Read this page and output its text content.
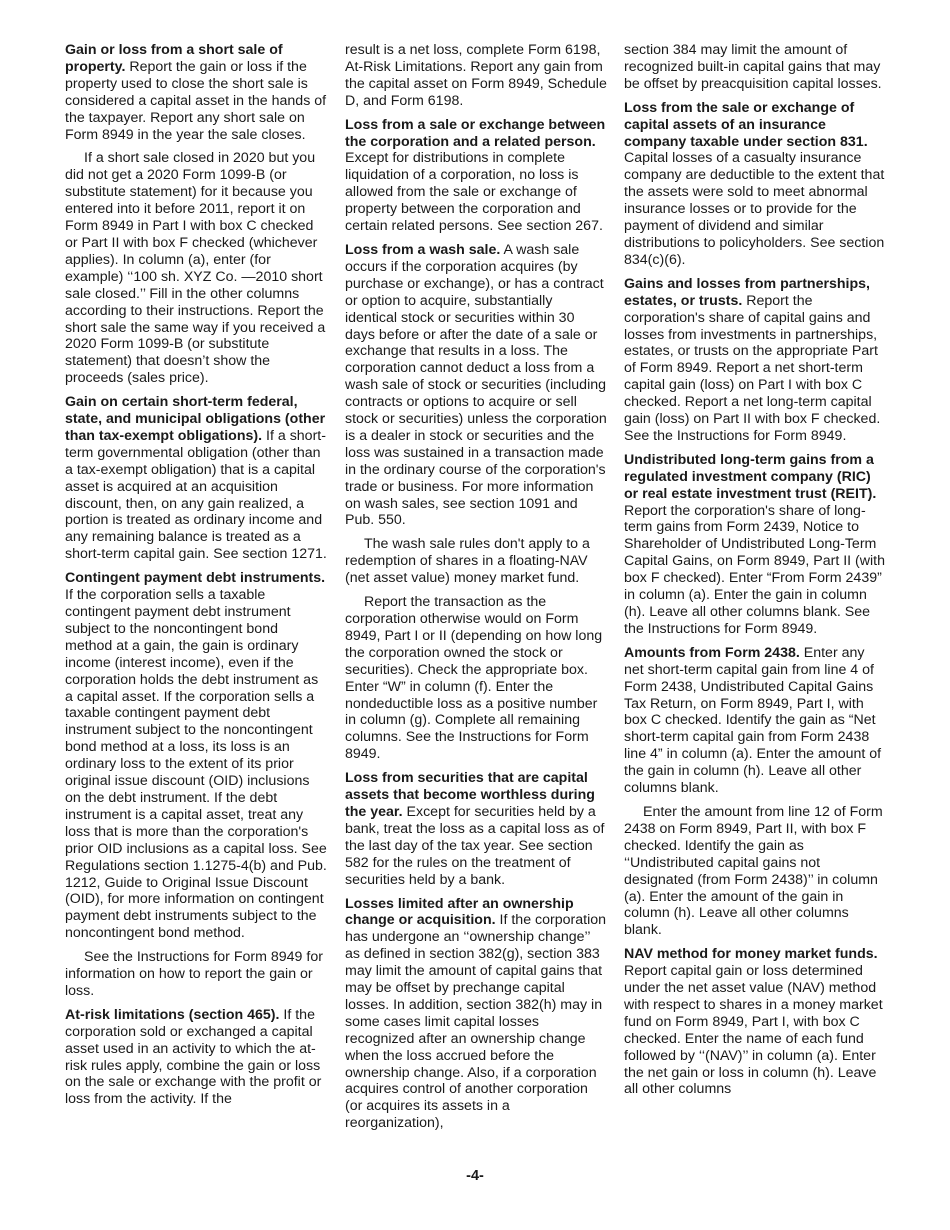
Gain or loss from a short sale of property. Report the gain or loss if the property used to close the short sale is considered a capital asset in the hands of the taxpayer. Report any short sale on Form 8949 in the year the sale closes.

If a short sale closed in 2020 but you did not get a 2020 Form 1099-B (or substitute statement) for it because you entered into it before 2011, report it on Form 8949 in Part I with box C checked or Part II with box F checked (whichever applies). In column (a), enter (for example) ‘‘100 sh. XYZ Co. —2010 short sale closed.’’ Fill in the other columns according to their instructions. Report the short sale the same way if you received a 2020 Form 1099-B (or substitute statement) that doesn’t show the proceeds (sales price).

Gain on certain short-term federal, state, and municipal obligations (other than tax-exempt obligations). If a short-term governmental obligation (other than a tax-exempt obligation) that is a capital asset is acquired at an acquisition discount, then, on any gain realized, a portion is treated as ordinary income and any remaining balance is treated as a short-term capital gain. See section 1271.

Contingent payment debt instruments. If the corporation sells a taxable contingent payment debt instrument subject to the noncontingent bond method at a gain, the gain is ordinary income (interest income), even if the corporation holds the debt instrument as a capital asset. If the corporation sells a taxable contingent payment debt instrument subject to the noncontingent bond method at a loss, its loss is an ordinary loss to the extent of its prior original issue discount (OID) inclusions on the debt instrument. If the debt instrument is a capital asset, treat any loss that is more than the corporation's prior OID inclusions as a capital loss. See Regulations section 1.1275-4(b) and Pub. 1212, Guide to Original Issue Discount (OID), for more information on contingent payment debt instruments subject to the noncontingent bond method.

See the Instructions for Form 8949 for information on how to report the gain or loss.

At-risk limitations (section 465). If the corporation sold or exchanged a capital asset used in an activity to which the at-risk rules apply, combine the gain or loss on the sale or exchange with the profit or loss from the activity. If the

result is a net loss, complete Form 6198, At-Risk Limitations. Report any gain from the capital asset on Form 8949, Schedule D, and Form 6198.

Loss from a sale or exchange between the corporation and a related person. Except for distributions in complete liquidation of a corporation, no loss is allowed from the sale or exchange of property between the corporation and certain related persons. See section 267.

Loss from a wash sale. A wash sale occurs if the corporation acquires (by purchase or exchange), or has a contract or option to acquire, substantially identical stock or securities within 30 days before or after the date of a sale or exchange that results in a loss. The corporation cannot deduct a loss from a wash sale of stock or securities (including contracts or options to acquire or sell stock or securities) unless the corporation is a dealer in stock or securities and the loss was sustained in a transaction made in the ordinary course of the corporation's trade or business. For more information on wash sales, see section 1091 and Pub. 550.

The wash sale rules don't apply to a redemption of shares in a floating-NAV (net asset value) money market fund.

Report the transaction as the corporation otherwise would on Form 8949, Part I or II (depending on how long the corporation owned the stock or securities). Check the appropriate box. Enter “W” in column (f). Enter the nondeductible loss as a positive number in column (g). Complete all remaining columns. See the Instructions for Form 8949.

Loss from securities that are capital assets that become worthless during the year. Except for securities held by a bank, treat the loss as a capital loss as of the last day of the tax year. See section 582 for the rules on the treatment of securities held by a bank.

Losses limited after an ownership change or acquisition. If the corporation has undergone an ‘‘ownership change’’ as defined in section 382(g), section 383 may limit the amount of capital gains that may be offset by prechange capital losses. In addition, section 382(h) may in some cases limit capital losses recognized after an ownership change when the loss accrued before the ownership change. Also, if a corporation acquires control of another corporation (or acquires its assets in a reorganization),

section 384 may limit the amount of recognized built-in capital gains that may be offset by preacquisition capital losses.

Loss from the sale or exchange of capital assets of an insurance company taxable under section 831. Capital losses of a casualty insurance company are deductible to the extent that the assets were sold to meet abnormal insurance losses or to provide for the payment of dividend and similar distributions to policyholders. See section 834(c)(6).

Gains and losses from partnerships, estates, or trusts. Report the corporation's share of capital gains and losses from investments in partnerships, estates, or trusts on the appropriate Part of Form 8949. Report a net short-term capital gain (loss) on Part I with box C checked. Report a net long-term capital gain (loss) on Part II with box F checked. See the Instructions for Form 8949.

Undistributed long-term gains from a regulated investment company (RIC) or real estate investment trust (REIT). Report the corporation's share of long-term gains from Form 2439, Notice to Shareholder of Undistributed Long-Term Capital Gains, on Form 8949, Part II (with box F checked). Enter “From Form 2439” in column (a). Enter the gain in column (h). Leave all other columns blank. See the Instructions for Form 8949.

Amounts from Form 2438. Enter any net short-term capital gain from line 4 of Form 2438, Undistributed Capital Gains Tax Return, on Form 8949, Part I, with box C checked. Identify the gain as “Net short-term capital gain from Form 2438 line 4” in column (a). Enter the amount of the gain in column (h). Leave all other columns blank.

Enter the amount from line 12 of Form 2438 on Form 8949, Part II, with box F checked. Identify the gain as ‘‘Undistributed capital gains not designated (from Form 2438)’’ in column (a). Enter the amount of the gain in column (h). Leave all other columns blank.

NAV method for money market funds. Report capital gain or loss determined under the net asset value (NAV) method with respect to shares in a money market fund on Form 8949, Part I, with box C checked. Enter the name of each fund followed by ‘‘(NAV)’’ in column (a). Enter the net gain or loss in column (h). Leave all other columns

-4-
